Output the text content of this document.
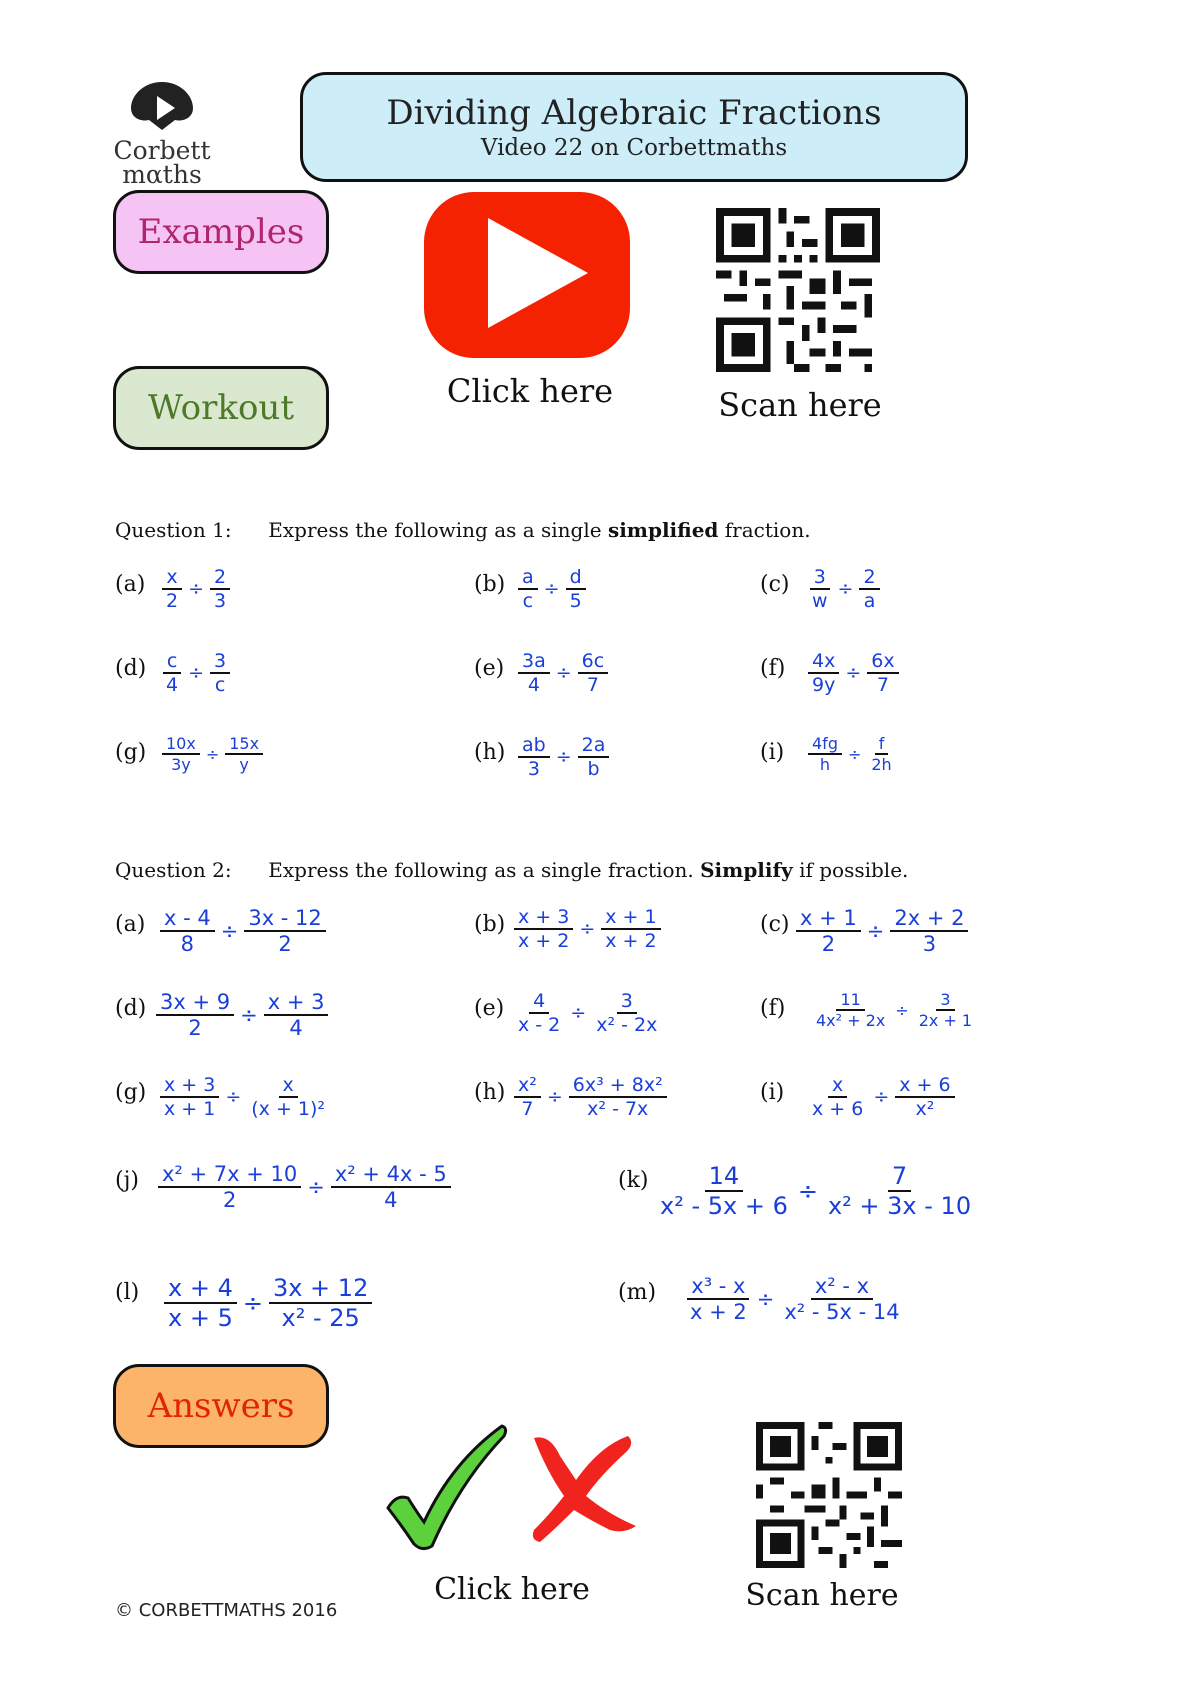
Corbett
mαths
Dividing Algebraic Fractions
Video 22 on Corbettmaths
Examples
Workout	Click here	Scan here
Question 1: Express the following as a single simplified fraction.
Question 2: Express the following as a single fraction. Simplify if possible.
$(a) \frac{x}{2} \div \frac{2}{3}$	$(b) \frac{a}{c} \div \frac{d}{5}$	$(c) \frac{3}{w} \div \frac{2}{a}$
$(d) \frac{c}{4} \div \frac{3}{c}$	$(e) \frac{3a}{4} \div \frac{6c}{7}$	$(f) \frac{4x}{9y} \div \frac{6x}{7}$
$(g) \frac{10x}{3y} \div \frac{15x}{y}$	$(h) \frac{ab}{3} \div \frac{2a}{b}$	$(i) \frac{4fg}{h} \div \frac{f}{2h}$
$(a) \frac{x - 4}{8} \div \frac{3x - 12}{2}$	$(b) \frac{x + 3}{x + 2} \div \frac{x + 1}{x + 2}$	$(c) \frac{x + 1}{2} \div \frac{2x + 2}{3}$
$(d) \frac{3x + 9}{2} \div \frac{x + 3}{4}$	$(e) \frac{4}{x - 2} \div \frac{3}{\text{x² - 2x}}$	$(f) \frac{11}{\text{4x² + 2x}} \div \frac{3}{2x + 1}$
$(g) \frac{x + 3}{x + 1} \div \frac{x}{\text{(x + 1)²}}$	$(h) \frac{\text{x²}}{7} \div \frac{\text{6x³ + 8x²}}{\text{x² - 7x}}$	$(i) \frac{x}{x + 6} \div \frac{x + 6}{\text{x²}}$
$(j) \frac{\text{x² + 7x + 10}}{2} \div \frac{\text{x² + 4x - 5}}{4}$	$(k) \frac{14}{\text{x² - 5x + 6}} \div \frac{7}{\text{x² + 3x - 10}}$
$(l) \frac{x + 4}{x + 5} \div \frac{3x + 12}{\text{x² - 25}}$	$(m) \frac{\text{x³ - x}}{x + 2} \div \frac{\text{x² - x}}{\text{x² - 5x - 14}}$
Answers
Click here	Scan here
© CORBETTMATHS 2016
